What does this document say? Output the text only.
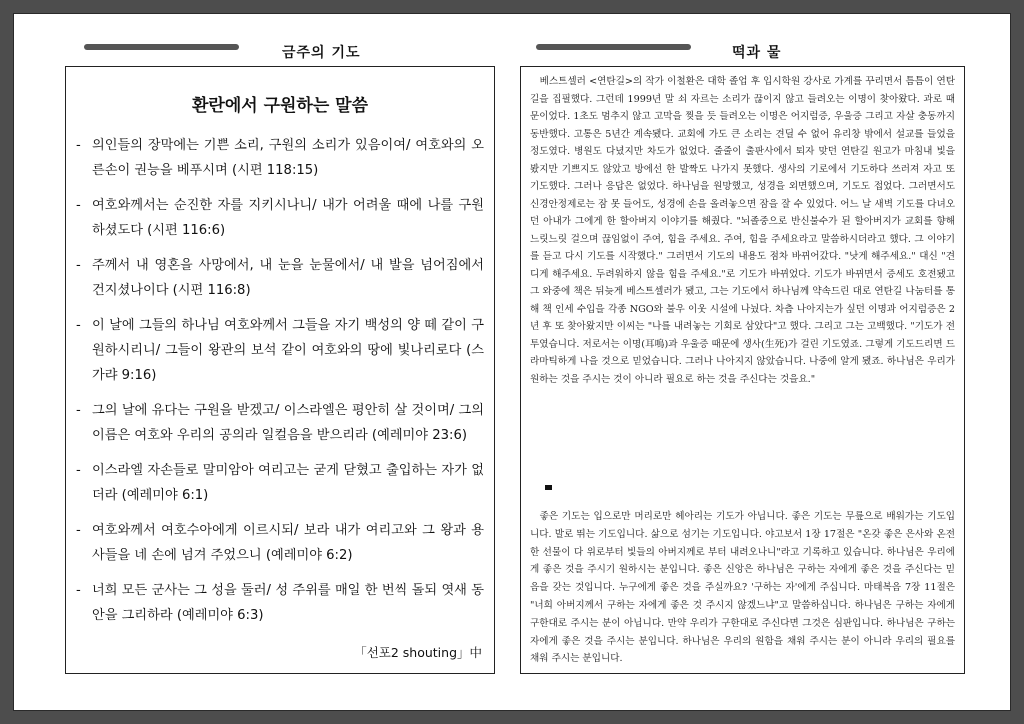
금주의 기도	떡과 물
환란에서 구원하는 말씀
- 의인들의 장막에는 기쁜 소리, 구원의 소리가 있음이여/ 여호와의 오른손이 권능을 베푸시며 (시편 118:15)
- 여호와께서는 순진한 자를 지키시나니/ 내가 어려울 때에 나를 구원하셨도다 (시편 116:6)
- 주께서 내 영혼을 사망에서, 내 눈을 눈물에서/ 내 발을 넘어짐에서 건지셨나이다 (시편 116:8)
- 이 날에 그들의 하나님 여호와께서 그들을 자기 백성의 양 떼 같이 구원하시리니/ 그들이 왕관의 보석 같이 여호와의 땅에 빛나리로다 (스가랴 9:16)
- 그의 날에 유다는 구원을 받겠고/ 이스라엘은 평안히 살 것이며/ 그의 이름은 여호와 우리의 공의라 일컬음을 받으리라 (예레미야 23:6)
- 이스라엘 자손들로 말미암아 여리고는 굳게 닫혔고 출입하는 자가 없더라 (예레미야 6:1)
- 여호와께서 여호수아에게 이르시되/ 보라 내가 여리고와 그 왕과 용사들을 네 손에 넘겨 주었으니 (예레미야 6:2)
- 너희 모든 군사는 그 성을 둘러/ 성 주위를 매일 한 번씩 돌되 엿새 동안을 그리하라 (예레미야 6:3)
「선포2 shouting」中

베스트셀러 <연탄길>의 작가 이철환은 대학 졸업 후 입시학원 강사로 가계를 꾸리면서 틈틈이 연탄길을 집필했다. 그런데 1999년 말 쇠 자르는 소리가 끊이지 않고 들려오는 이명이 찾아왔다. 과로 때문이었다. 1초도 멈추지 않고 고막을 찢을 듯 들려오는 이명은 어지럼증, 우울증 그리고 자살 충동까지 동반했다. 고통은 5년간 계속됐다. 교회에 가도 큰 소리는 견딜 수 없어 유리창 밖에서 설교를 들었을 정도였다. 병원도 다녔지만 차도가 없었다. 줄줄이 출판사에서 퇴자 맞던 연탄길 원고가 마침내 빛을 봤지만 기쁘지도 않았고 방에선 한 발짝도 나가지 못했다. 생사의 기로에서 기도하다 쓰러져 자고 또 기도했다. 그러나 응답은 없었다. 하나님을 원망했고, 성경을 외면했으며, 기도도 접었다. 그러면서도 신경안정제로는 잠 못 들어도, 성경에 손을 올려놓으면 잠을 잘 수 있었다. 어느 날 새벽 기도를 다녀오던 아내가 그에게 한 할아버지 이야기를 해줬다. "뇌졸중으로 반신불수가 된 할아버지가 교회를 향해 느릿느릿 걸으며 끊임없이 주여, 힘을 주세요. 주여, 힘을 주세요라고 말씀하시더라고 했다. 그 이야기를 듣고 다시 기도를 시작했다." 그러면서 기도의 내용도 점차 바뀌어갔다. "낫게 해주세요." 대신 "견디게 해주세요. 두려워하지 않을 힘을 주세요."로 기도가 바뀌었다. 기도가 바뀌면서 증세도 호전됐고 그 와중에 책은 뒤늦게 베스트셀러가 됐고, 그는 기도에서 하나님께 약속드린 대로 연탄길 나눔터를 통해 책 인세 수입을 각종 NGO와 불우 이웃 시설에 나눴다. 차츰 나아지는가 싶던 이명과 어지럼증은 2년 후 또 찾아왔지만 이씨는 "나를 내려놓는 기회로 삼았다"고 했다. 그리고 그는 고백했다. "기도가 전투였습니다. 저로서는 이명(耳鳴)과 우울증 때문에 생사(生死)가 걸린 기도였죠. 그렇게 기도드리면 드라마틱하게 나을 것으로 믿었습니다. 그러나 나아지지 않았습니다. 나중에 알게 됐죠. 하나님은 우리가 원하는 것을 주시는 것이 아니라 필요로 하는 것을 주신다는 것을요."

좋은 기도는 입으로만 머리로만 헤아리는 기도가 아닙니다. 좋은 기도는 무릎으로 배워가는 기도입니다. 발로 뛰는 기도입니다. 삶으로 섬기는 기도입니다. 야고보서 1장 17절은 "온갖 좋은 은사와 온전한 선물이 다 위로부터 빛들의 아버지께로 부터 내려오나니"라고 기록하고 있습니다. 하나님은 우리에게 좋은 것을 주시기 원하시는 분입니다. 좋은 신앙은 하나님은 구하는 자에게 좋은 것을 주신다는 믿음을 갖는 것입니다. 누구에게 좋은 것을 주실까요? '구하는 자'에게 주십니다. 마태복음 7장 11절은 "너희 아버지께서 구하는 자에게 좋은 것 주시지 않겠느냐"고 말씀하십니다. 하나님은 구하는 자에게 구한대로 주시는 분이 아닙니다. 만약 우리가 구한대로 주신다면 그것은 심판입니다. 하나님은 구하는 자에게 좋은 것을 주시는 분입니다. 하나님은 우리의 원함을 채워 주시는 분이 아니라 우리의 필요를 채워 주시는 분입니다.
